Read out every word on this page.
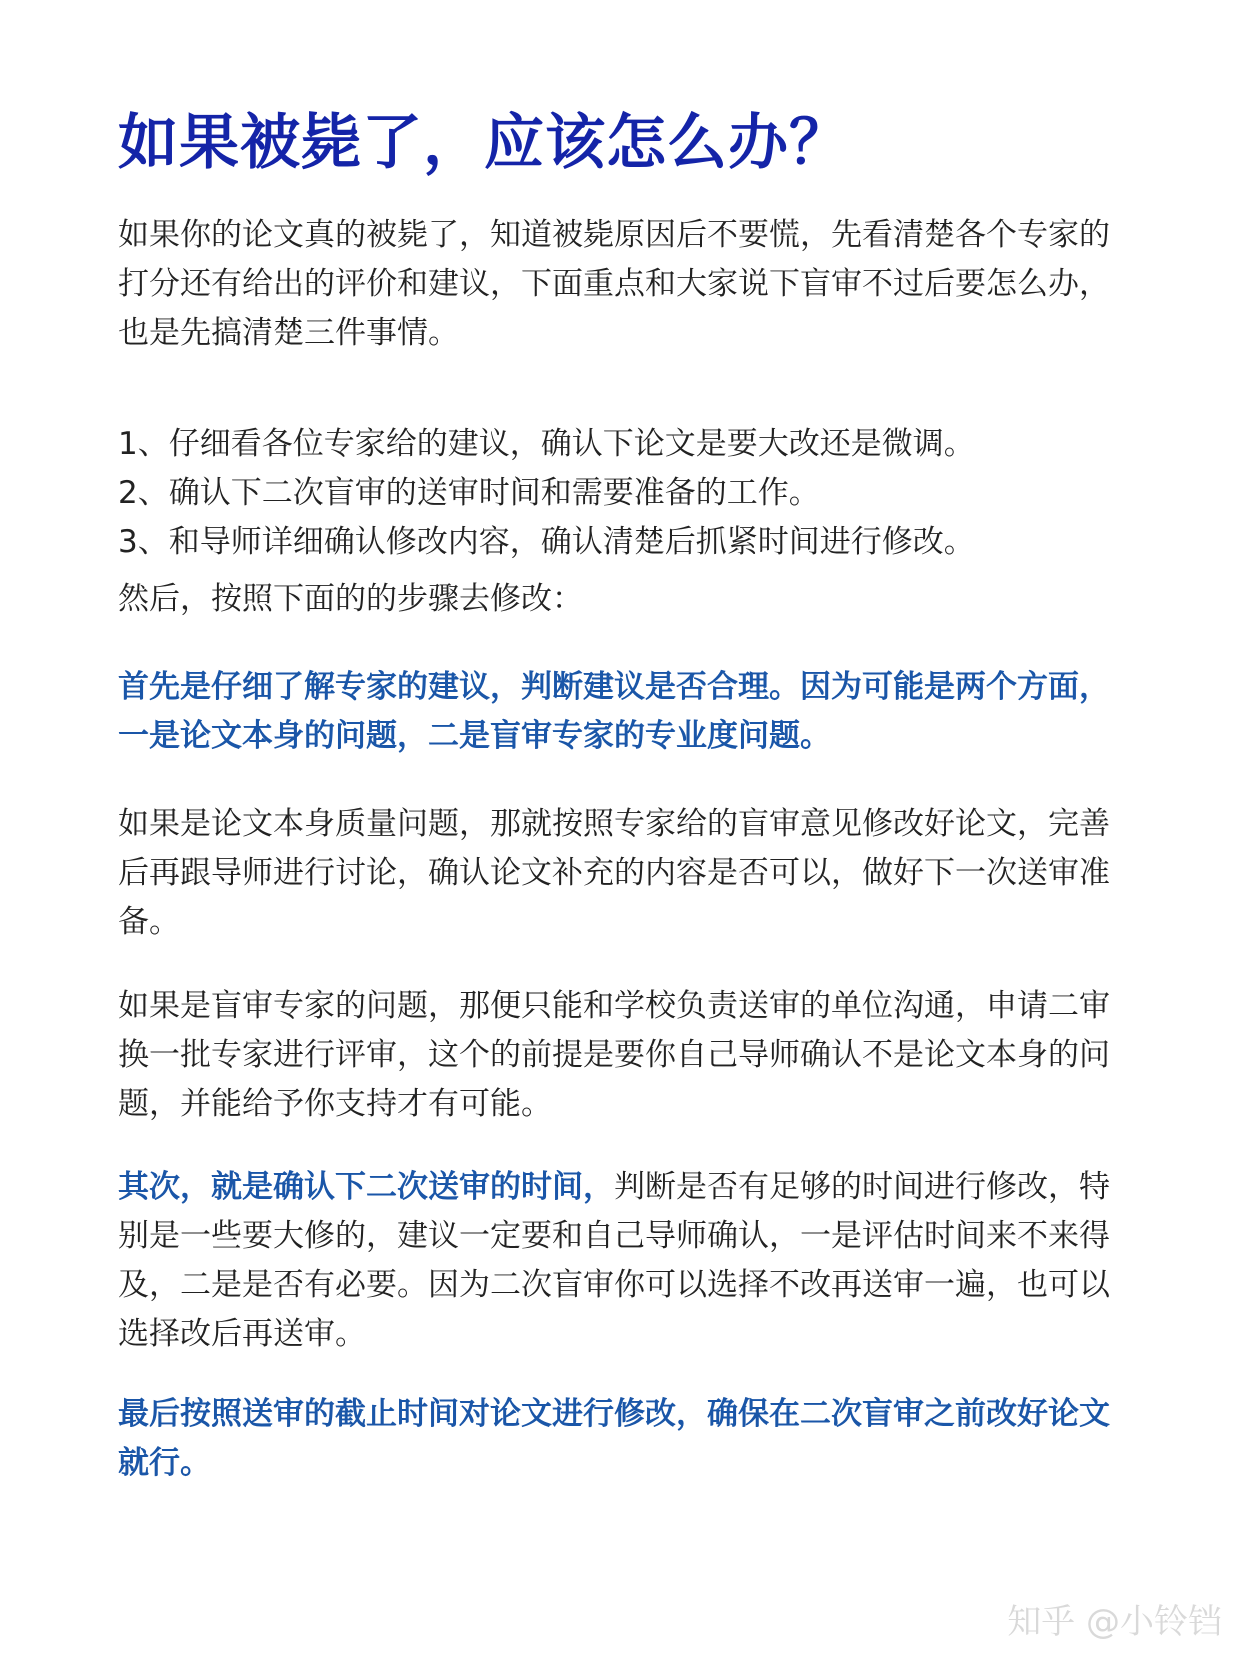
如果被毙了，应该怎么办？

如果你的论文真的被毙了，知道被毙原因后不要慌，先看清楚各个专家的打分还有给出的评价和建议，下面重点和大家说下盲审不过后要怎么办，也是先搞清楚三件事情。

1、仔细看各位专家给的建议，确认下论文是要大改还是微调。
2、确认下二次盲审的送审时间和需要准备的工作。
3、和导师详细确认修改内容，确认清楚后抓紧时间进行修改。

然后，按照下面的的步骤去修改：

首先是仔细了解专家的建议，判断建议是否合理。因为可能是两个方面，一是论文本身的问题，二是盲审专家的专业度问题。

如果是论文本身质量问题，那就按照专家给的盲审意见修改好论文，完善后再跟导师进行讨论，确认论文补充的内容是否可以，做好下一次送审准备。

如果是盲审专家的问题，那便只能和学校负责送审的单位沟通，申请二审换一批专家进行评审，这个的前提是要你自己导师确认不是论文本身的问题，并能给予你支持才有可能。

其次，就是确认下二次送审的时间，判断是否有足够的时间进行修改，特别是一些要大修的，建议一定要和自己导师确认，一是评估时间来不来得及，二是是否有必要。因为二次盲审你可以选择不改再送审一遍，也可以选择改后再送审。

最后按照送审的截止时间对论文进行修改，确保在二次盲审之前改好论文就行。

知乎 @小铃铛
